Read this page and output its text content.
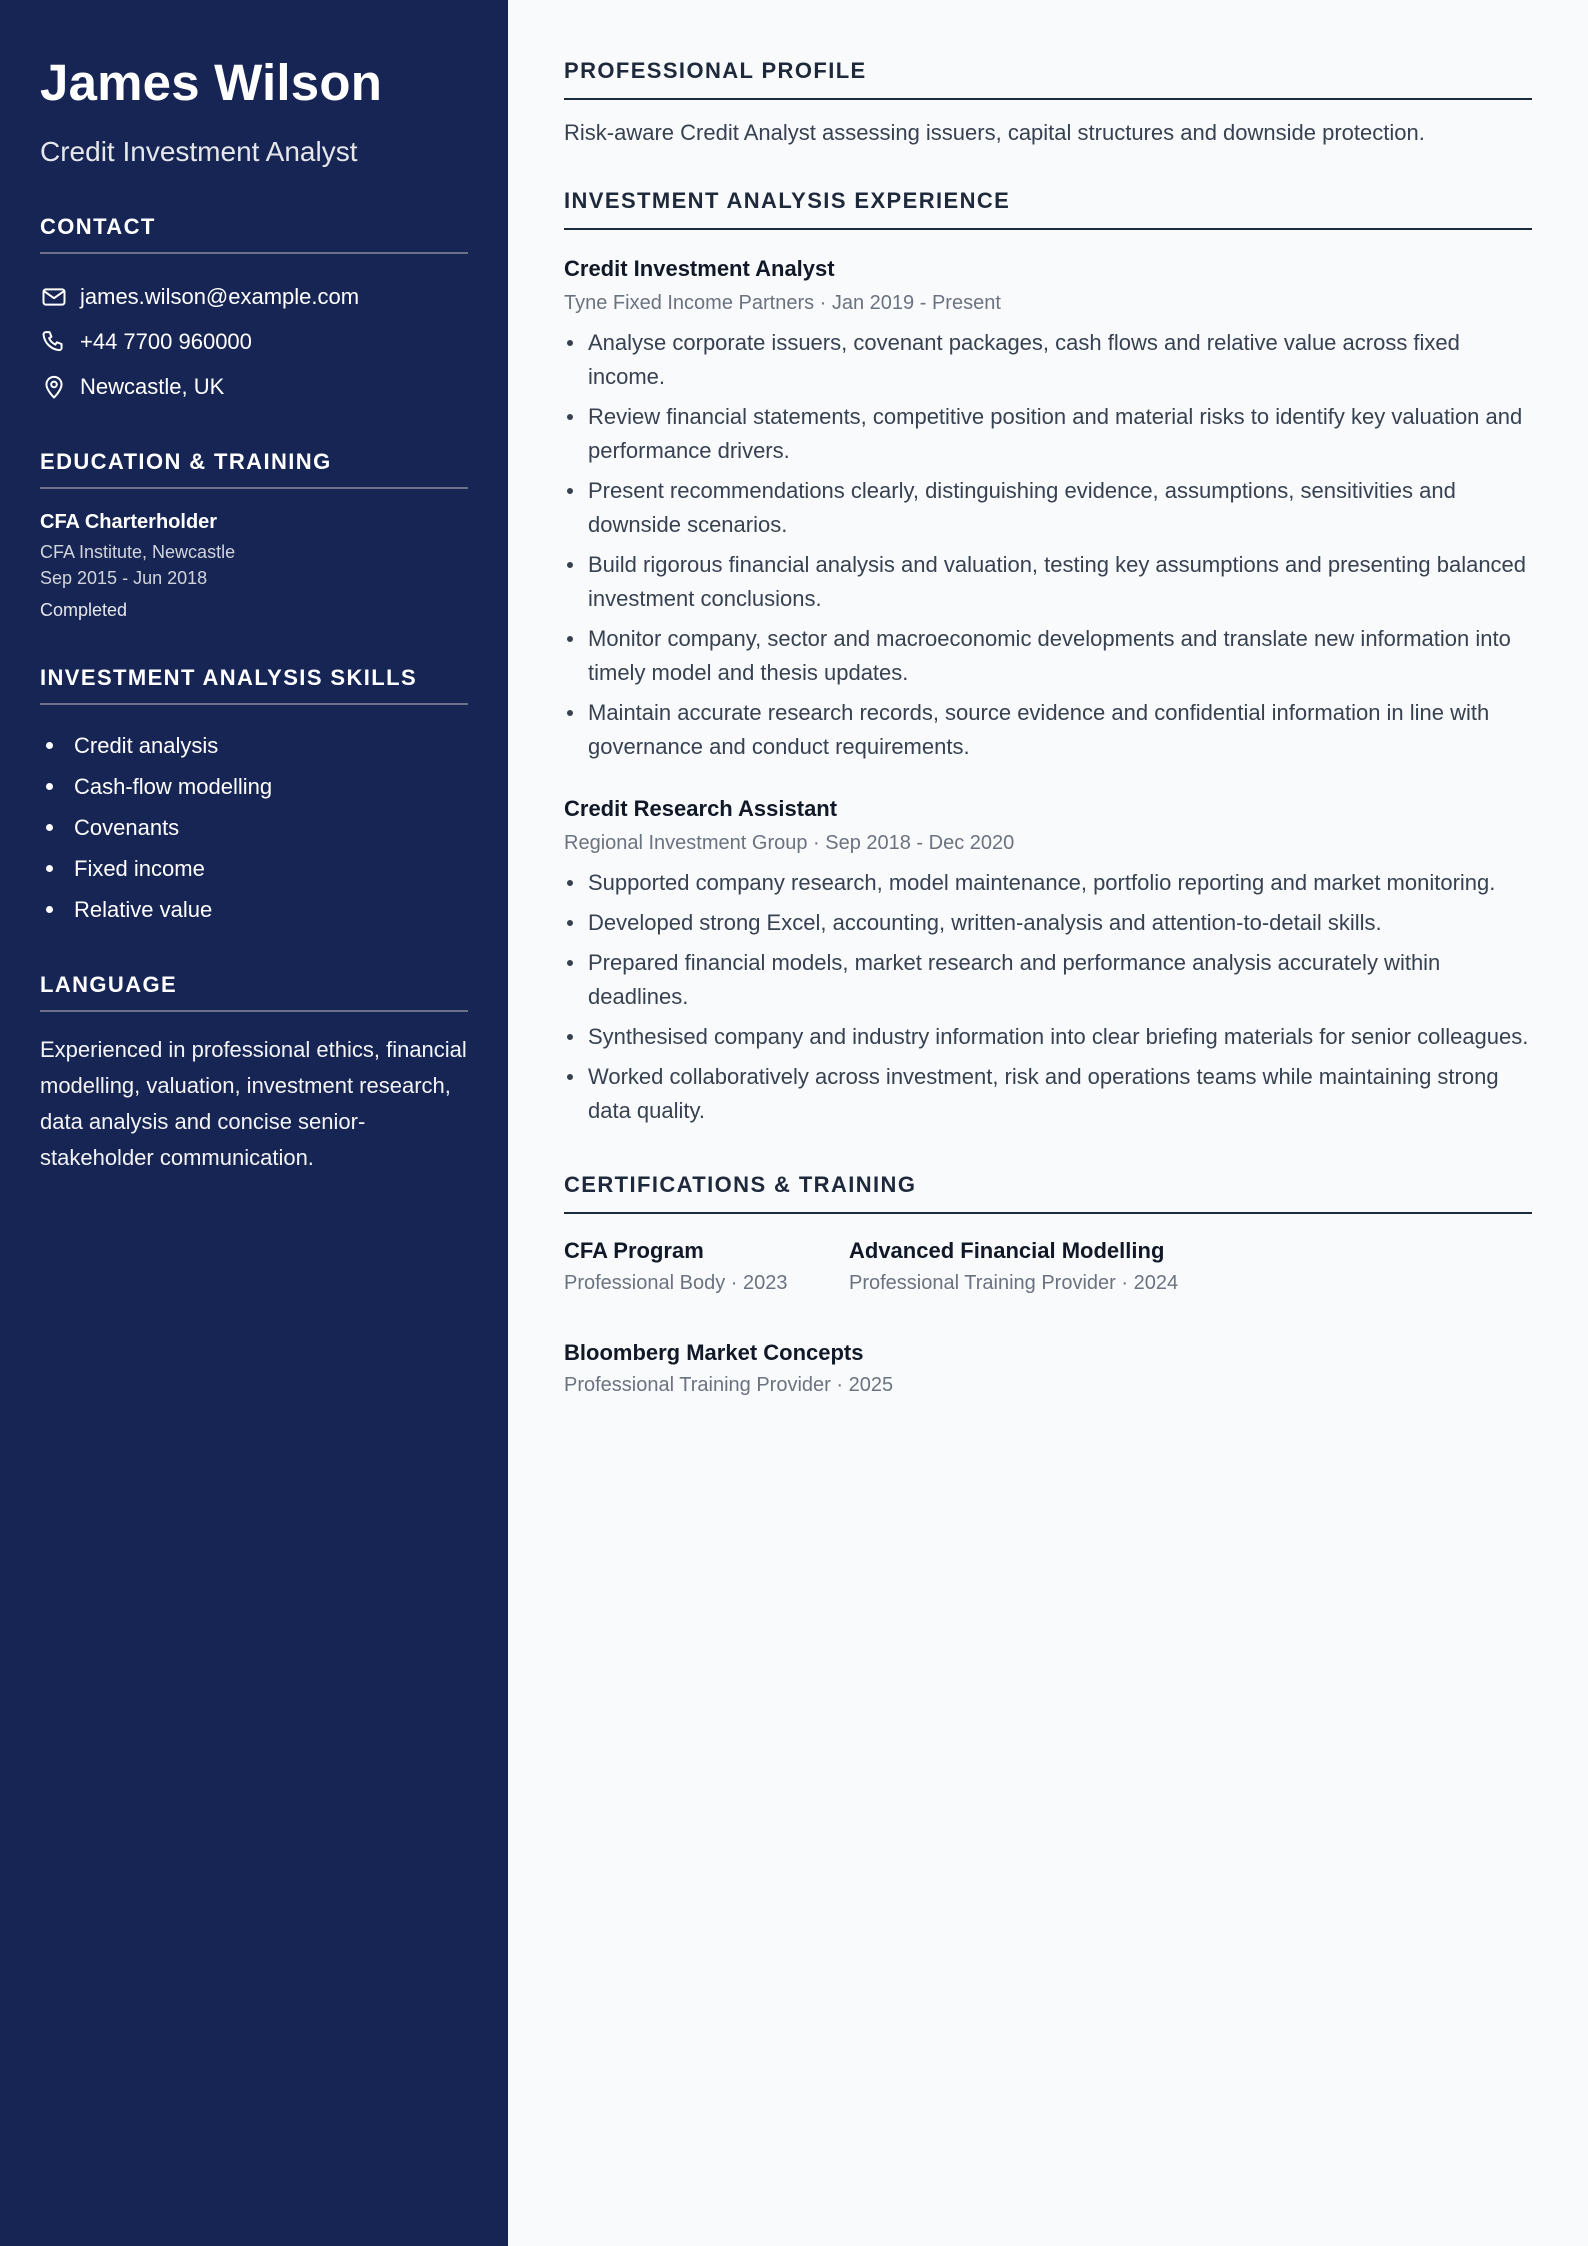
James Wilson
Credit Investment Analyst
CONTACT
james.wilson@example.com
+44 7700 960000
Newcastle, UK
EDUCATION & TRAINING
CFA Charterholder
CFA Institute, Newcastle
Sep 2015 - Jun 2018
Completed
INVESTMENT ANALYSIS SKILLS
Credit analysis
Cash-flow modelling
Covenants
Fixed income
Relative value
LANGUAGE

Experienced in professional ethics, financial modelling, valuation, investment research, data analysis and concise senior-stakeholder communication.

PROFESSIONAL PROFILE

Risk-aware Credit Analyst assessing issuers, capital structures and downside protection.

INVESTMENT ANALYSIS EXPERIENCE
Credit Investment Analyst
Tyne Fixed Income Partners · Jan 2019 - Present
Analyse corporate issuers, covenant packages, cash flows and relative value across fixed income.
Review financial statements, competitive position and material risks to identify key valuation and performance drivers.
Present recommendations clearly, distinguishing evidence, assumptions, sensitivities and downside scenarios.
Build rigorous financial analysis and valuation, testing key assumptions and presenting balanced investment conclusions.
Monitor company, sector and macroeconomic developments and translate new information into timely model and thesis updates.
Maintain accurate research records, source evidence and confidential information in line with governance and conduct requirements.
Credit Research Assistant
Regional Investment Group · Sep 2018 - Dec 2020
Supported company research, model maintenance, portfolio reporting and market monitoring.
Developed strong Excel, accounting, written-analysis and attention-to-detail skills.
Prepared financial models, market research and performance analysis accurately within deadlines.
Synthesised company and industry information into clear briefing materials for senior colleagues.
Worked collaboratively across investment, risk and operations teams while maintaining strong data quality.
CERTIFICATIONS & TRAINING
CFA Program
Professional Body · 2023
Advanced Financial Modelling
Professional Training Provider · 2024
Bloomberg Market Concepts
Professional Training Provider · 2025
